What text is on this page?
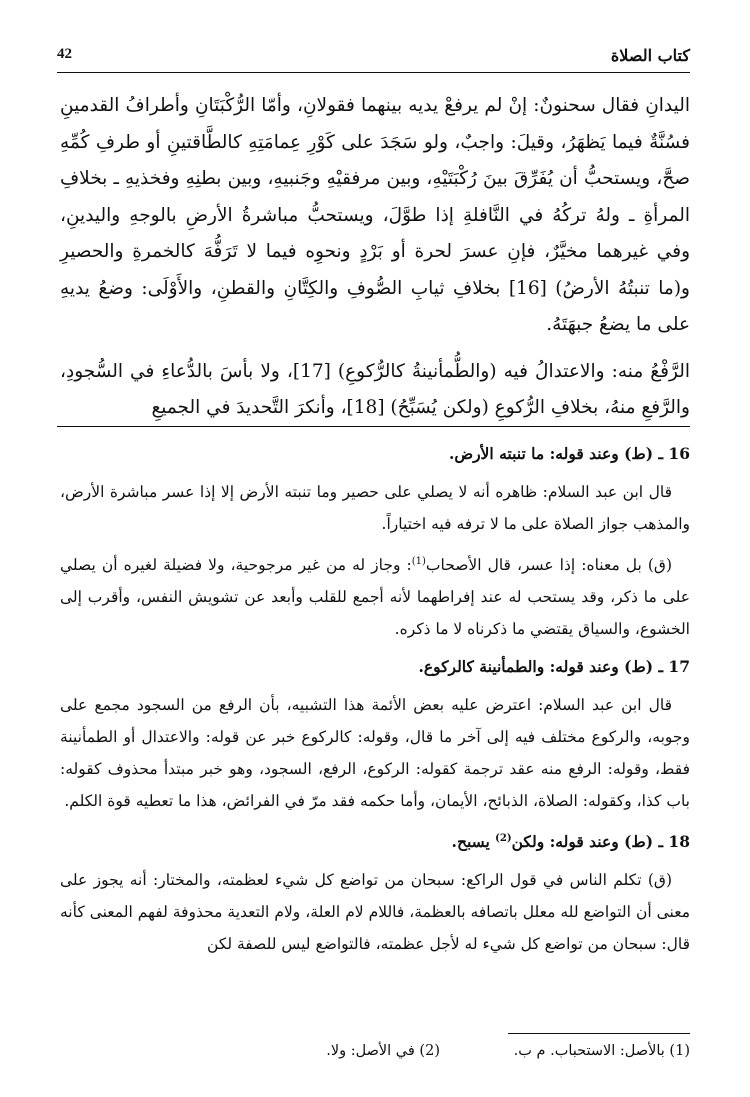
كتاب الصلاة
42

اليدانِ فقال سحنونٌ: إنْ لم يرفعْ يديه بينهما فقولانِ، وأمّا الرُّكْبَتَانِ وأطرافُ القدمينِ فسُنَّةٌ فيما يَظهَرُ، وقيلَ: واجبٌ، ولو سَجَدَ على كَوْرِ عِمامَتِهِ كالطَّاقتينِ أو طرفِ كُمِّهِ صحَّ، ويستحبُّ أن يُفَرِّقَ بينَ رُكْبَتَيْهِ، وبين مرفقيْهِ وجَنبيهِ، وبين بطنِهِ وفخذيهِ ـ بخلافِ المرأةِ ـ ولهُ تركُهُ في النَّافلةِ إذا طوَّلَ، ويستحبُّ مباشرةُ الأرضِ بالوجهِ واليدينِ، وفي غيرهما مخيَّرٌ، فإنِ عسرَ لحرة أو بَرْدٍ ونحوِه فيما لا تَرَفُّهَ كالخمرةِ والحصيرِ و(ما تنبتُهُ الأرضُ) [16] بخلافِ ثيابِ الصُّوفِ والكِتَّانِ والقطنِ، والأَوْلَى: وضعُ يديهِ على ما يضعُ جبهَتَهُ.

الرَّفْعُ منه: والاعتدالُ فيه (والطُّمأنينةُ كالرُّكوعِ) [17]، ولا بأسَ بالدُّعاءِ في السُّجودِ، والرَّفعِ منهُ، بخلافِ الرُّكوعِ (ولكن يُسَبِّحُ) [18]، وأنكرَ التَّحديدَ في الجميعِ

16 ـ (ط) وعند قوله: ما تنبته الأرض.

قال ابن عبد السلام: ظاهره أنه لا يصلي على حصير وما تنبته الأرض إلا إذا عسر مباشرة الأرض، والمذهب جواز الصلاة على ما لا ترفه فيه اختياراً.

(ق) بل معناه: إذا عسر، قال الأصحاب$^{(1)}$: وجاز له من غير مرجوحية، ولا فضيلة لغيره أن يصلي على ما ذكر، وقد يستحب له عند إفراطهما لأنه أجمع للقلب وأبعد عن تشويش النفس، وأقرب إلى الخشوع، والسياق يقتضي ما ذكرناه لا ما ذكره.

17 ـ (ط) وعند قوله: والطمأنينة كالركوع.

قال ابن عبد السلام: اعترض عليه بعض الأئمة هذا التشبيه، بأن الرفع من السجود مجمع على وجوبه، والركوع مختلف فيه إلى آخر ما قال، وقوله: كالركوع خبر عن قوله: والاعتدال أو الطمأنينة فقط، وقوله: الرفع منه عقد ترجمة كقوله: الركوع، الرفع، السجود، وهو خبر مبتدأ محذوف كقوله: باب كذا، وكقوله: الصلاة، الذبائح، الأيمان، وأما حكمه فقد مرّ في الفرائض، هذا ما تعطيه قوة الكلم.

18 ـ (ط) وعند قوله: ولكن$^{(2)}$ يسبح.

(ق) تكلم الناس في قول الراكع: سبحان من تواضع كل شيء لعظمته، والمختار: أنه يجوز على معنى أن التواضع لله معلل باتصافه بالعظمة، فاللام لام العلة، ولام التعدية محذوفة لفهم المعنى كأنه قال: سبحان من تواضع كل شيء له لأجل عظمته، فالتواضع ليس للصفة لكن

(1) بالأصل: الاستحباب. م ب.
(2) في الأصل: ولا.
